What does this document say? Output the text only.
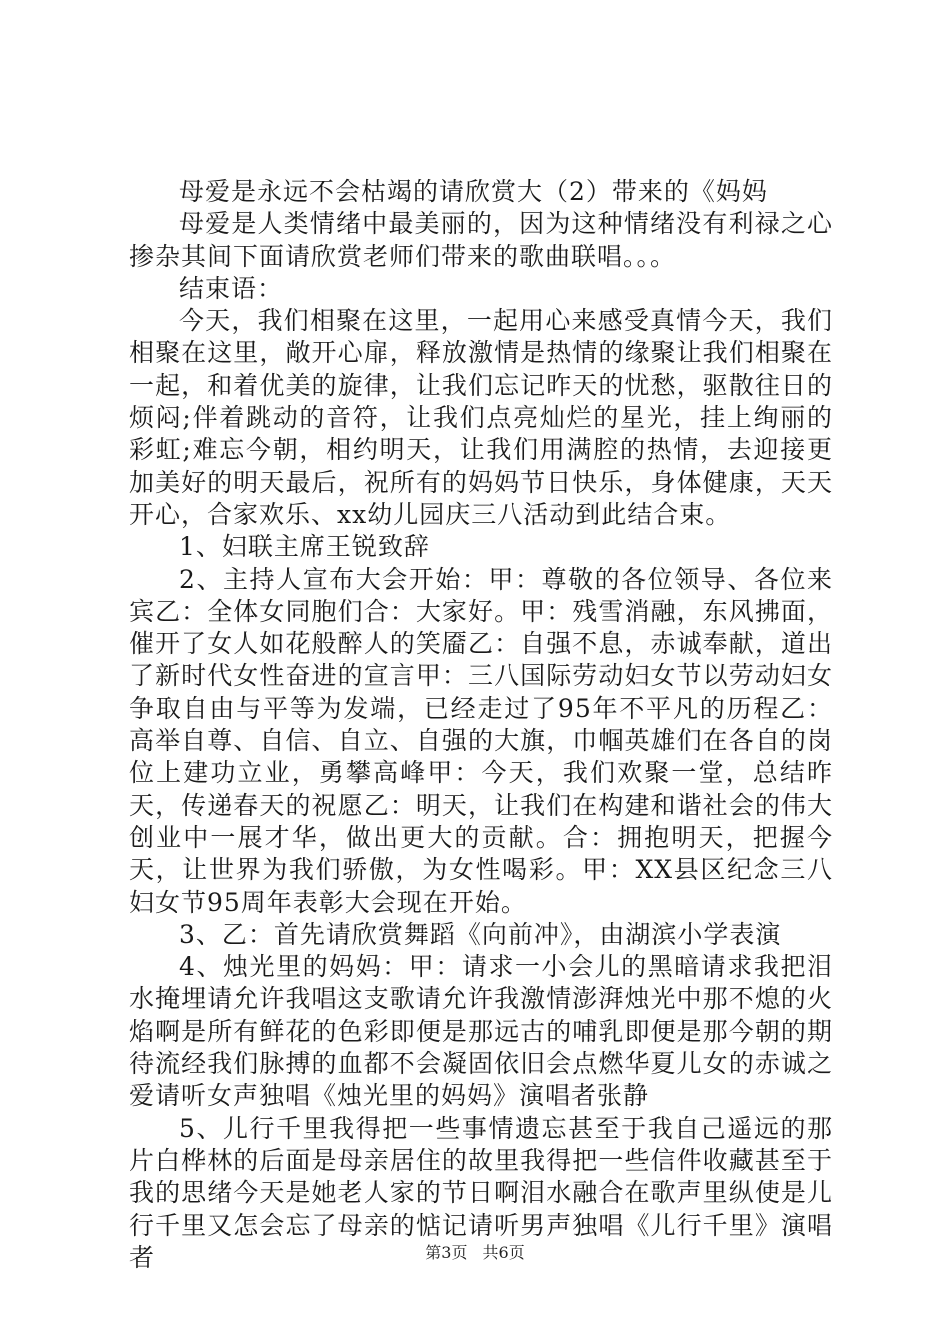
母爱是永远不会枯竭的请欣赏大（2）带来的《妈妈

母爱是人类情绪中最美丽的，因为这种情绪没有利禄之心掺杂其间下面请欣赏老师们带来的歌曲联唱。。。

结束语：

今天，我们相聚在这里，一起用心来感受真情今天，我们相聚在这里，敞开心扉，释放激情是热情的缘聚让我们相聚在一起，和着优美的旋律，让我们忘记昨天的忧愁，驱散往日的烦闷;伴着跳动的音符，让我们点亮灿烂的星光，挂上绚丽的彩虹;难忘今朝，相约明天，让我们用满腔的热情，去迎接更加美好的明天最后，祝所有的妈妈节日快乐，身体健康，天天开心，合家欢乐、xx幼儿园庆三八活动到此结合束。

1、妇联主席王锐致辞

2、主持人宣布大会开始：甲：尊敬的各位领导、各位来宾乙：全体女同胞们合：大家好。甲：残雪消融，东风拂面，催开了女人如花般醉人的笑靥乙：自强不息，赤诚奉献，道出了新时代女性奋进的宣言甲：三八国际劳动妇女节以劳动妇女争取自由与平等为发端，已经走过了95年不平凡的历程乙：高举自尊、自信、自立、自强的大旗，巾帼英雄们在各自的岗位上建功立业，勇攀高峰甲：今天，我们欢聚一堂，总结昨天，传递春天的祝愿乙：明天，让我们在构建和谐社会的伟大创业中一展才华，做出更大的贡献。合：拥抱明天，把握今天，让世界为我们骄傲，为女性喝彩。甲：XX县区纪念三八妇女节95周年表彰大会现在开始。

3、乙：首先请欣赏舞蹈《向前冲》，由湖滨小学表演

4、烛光里的妈妈：甲：请求一小会儿的黑暗请求我把泪水掩埋请允许我唱这支歌请允许我激情澎湃烛光中那不熄的火焰啊是所有鲜花的色彩即便是那远古的哺乳即便是那今朝的期待流经我们脉搏的血都不会凝固依旧会点燃华夏儿女的赤诚之爱请听女声独唱《烛光里的妈妈》演唱者张静

5、儿行千里我得把一些事情遗忘甚至于我自己遥远的那片白桦林的后面是母亲居住的故里我得把一些信件收藏甚至于我的思绪今天是她老人家的节日啊泪水融合在歌声里纵使是儿行千里又怎会忘了母亲的惦记请听男声独唱《儿行千里》演唱者	第3页 共6页
